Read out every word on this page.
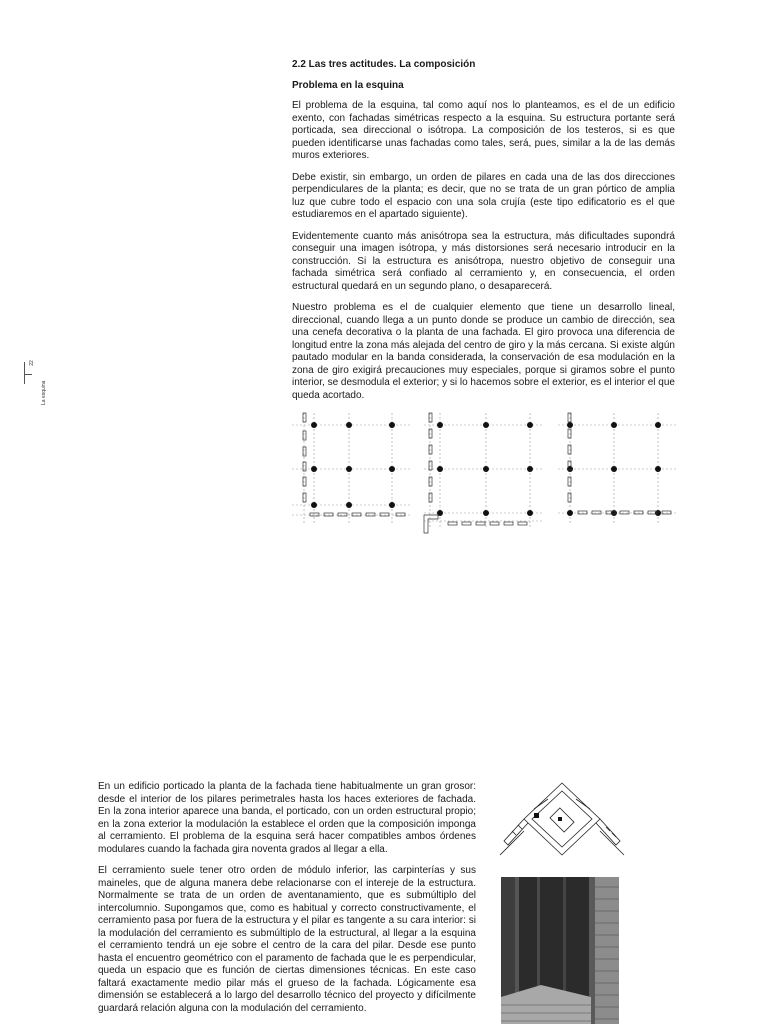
La esquina
22
2.2 Las tres actitudes. La composición
Problema en la esquina

El problema de la esquina, tal como aquí nos lo planteamos, es el de un edificio exento, con fachadas simétricas respecto a la esquina. Su estructura portante será porticada, sea direccional o isótropa. La composición de los testeros, si es que pueden identificarse unas fachadas como tales, será, pues, similar a la de las demás muros exteriores.

Debe existir, sin embargo, un orden de pilares en cada una de las dos direcciones perpendiculares de la planta; es decir, que no se trata de un gran pórtico de amplia luz que cubre todo el espacio con una sola crujía (este tipo edificatorio es el que estudiaremos en el apartado siguiente).

Evidentemente cuanto más anisótropa sea la estructura, más dificultades supondrá conseguir una imagen isótropa, y más distorsiones será necesario introducir en la construcción. Si la estructura es anisótropa, nuestro objetivo de conseguir una fachada simétrica será confiado al cerramiento y, en consecuencia, el orden estructural quedará en un segundo plano, o desaparecerá.

Nuestro problema es el de cualquier elemento que tiene un desarrollo lineal, direccional, cuando llega a un punto donde se produce un cambio de dirección, sea una cenefa decorativa o la planta de una fachada. El giro provoca una diferencia de longitud entre la zona más alejada del centro de giro y la más cercana. Si existe algún pautado modular en la banda considerada, la conservación de esa modulación en la zona de giro exigirá precauciones muy especiales, porque si giramos sobre el punto interior, se desmodula el exterior; y si lo hacemos sobre el exterior, es el interior el que queda acortado.

En un edificio porticado la planta de la fachada tiene habitualmente un gran grosor: desde el interior de los pilares perimetrales hasta los haces exteriores de fachada. En la zona interior aparece una banda, el porticado, con un orden estructural propio; en la zona exterior la modulación la establece el orden que la composición imponga al cerramiento. El problema de la esquina será hacer compatibles ambos órdenes modulares cuando la fachada gira noventa grados al llegar a ella.

El cerramiento suele tener otro orden de módulo inferior, las carpinterías y sus maineles, que de alguna manera debe relacionarse con el intereje de la estructura. Normalmente se trata de un orden de aventanamiento, que es submúltiplo del intercolumnio. Supongamos que, como es habitual y correcto constructivamente, el cerramiento pasa por fuera de la estructura y el pilar es tangente a su cara interior: si la modulación del cerramiento es submúltiplo de la estructural, al llegar a la esquina el cerramiento tendrá un eje sobre el centro de la cara del pilar. Desde ese punto hasta el encuentro geométrico con el paramento de fachada que le es perpendicular, queda un espacio que es función de ciertas dimensiones técnicas. En este caso faltará exactamente medio pilar más el grueso de la fachada. Lógicamente esa dimensión se establecerá a lo largo del desarrollo técnico del proyecto y difícilmente guardará relación alguna con la modulación del cerramiento.
